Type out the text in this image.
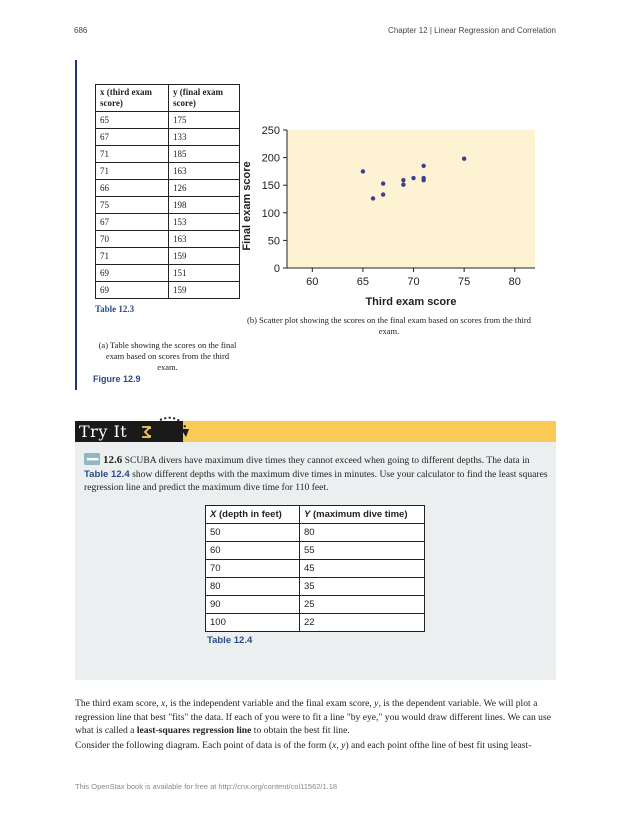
686	Chapter 12 | Linear Regression and Correlation
x (third exam score)	y (final exam score)
65	175
67	133
71	185
71	163
66	126
75	198
67	153
70	163
71	159
69	151
69	159
Table 12.3
(a) Table showing the scores on the final exam based on scores from the third exam.
Figure 12.9
0
50
100
150
200
250
60	65	70	75	80
Third exam score
Final exam score
(b) Scatter plot showing the scores on the final exam based on scores from the third exam.
Try It
12.6 SCUBA divers have maximum dive times they cannot exceed when going to different depths. The data in Table 12.4 show different depths with the maximum dive times in minutes. Use your calculator to find the least squares regression line and predict the maximum dive time for 110 feet.
X (depth in feet)	Y (maximum dive time)
50	80
60	55
70	45
80	35
90	25
100	22
Table 12.4
The third exam score, x, is the independent variable and the final exam score, y, is the dependent variable. We will plot a regression line that best "fits" the data. If each of you were to fit a line "by eye," you would draw different lines. We can use what is called a least-squares regression line to obtain the best fit line.
Consider the following diagram. Each point of data is of the form (x, y) and each point ofthe line of best fit using least-
This OpenStax book is available for free at http://cnx.org/content/col11562/1.18
